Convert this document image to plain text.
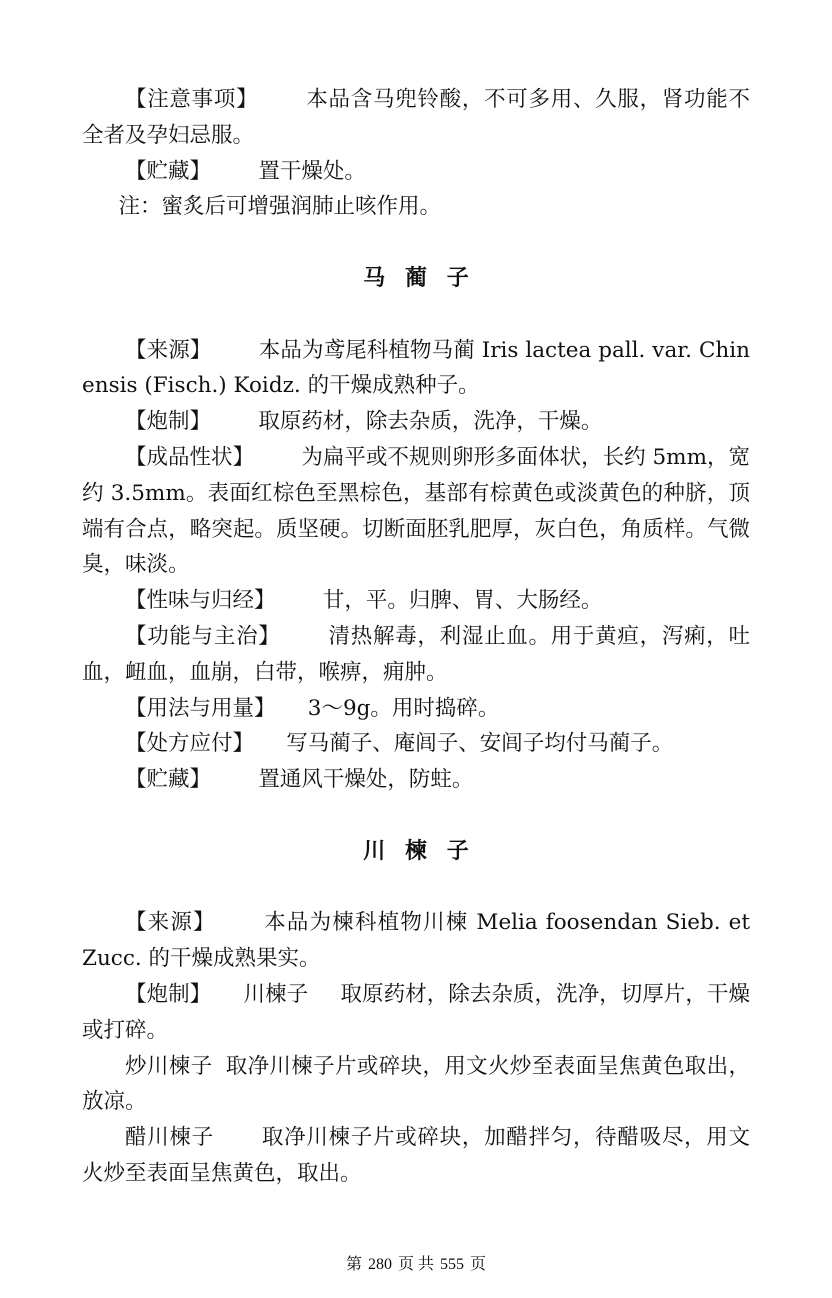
【注意事项】 本品含马兜铃酸，不可多用、久服，肾功能不全者及孕妇忌服。

【贮藏】 置干燥处。

注：蜜炙后可增强润肺止咳作用。

马蔺子

【来源】 本品为鸢尾科植物马蔺 Iris lactea pall. var. Chinensis (Fisch.) Koidz. 的干燥成熟种子。

【炮制】 取原药材，除去杂质，洗净，干燥。

【成品性状】 为扁平或不规则卵形多面体状，长约 5mm，宽约 3.5mm。表面红棕色至黑棕色，基部有棕黄色或淡黄色的种脐，顶端有合点，略突起。质坚硬。切断面胚乳肥厚，灰白色，角质样。气微臭，味淡。

【性味与归经】 甘，平。归脾、胃、大肠经。

【功能与主治】 清热解毒，利湿止血。用于黄疸，泻痢，吐血，衄血，血崩，白带，喉痹，痈肿。

【用法与用量】 3～9g。用时捣碎。

【处方应付】 写马蔺子、庵闾子、安闾子均付马蔺子。

【贮藏】 置通风干燥处，防蛀。

川楝子

【来源】 本品为楝科植物川楝 Melia foosendan Sieb. et Zucc. 的干燥成熟果实。

【炮制】 川楝子 取原药材，除去杂质，洗净，切厚片，干燥或打碎。

炒川楝子 取净川楝子片或碎块，用文火炒至表面呈焦黄色取出，放凉。

醋川楝子 取净川楝子片或碎块，加醋拌匀，待醋吸尽，用文火炒至表面呈焦黄色，取出。

第 280 页 共 555 页
